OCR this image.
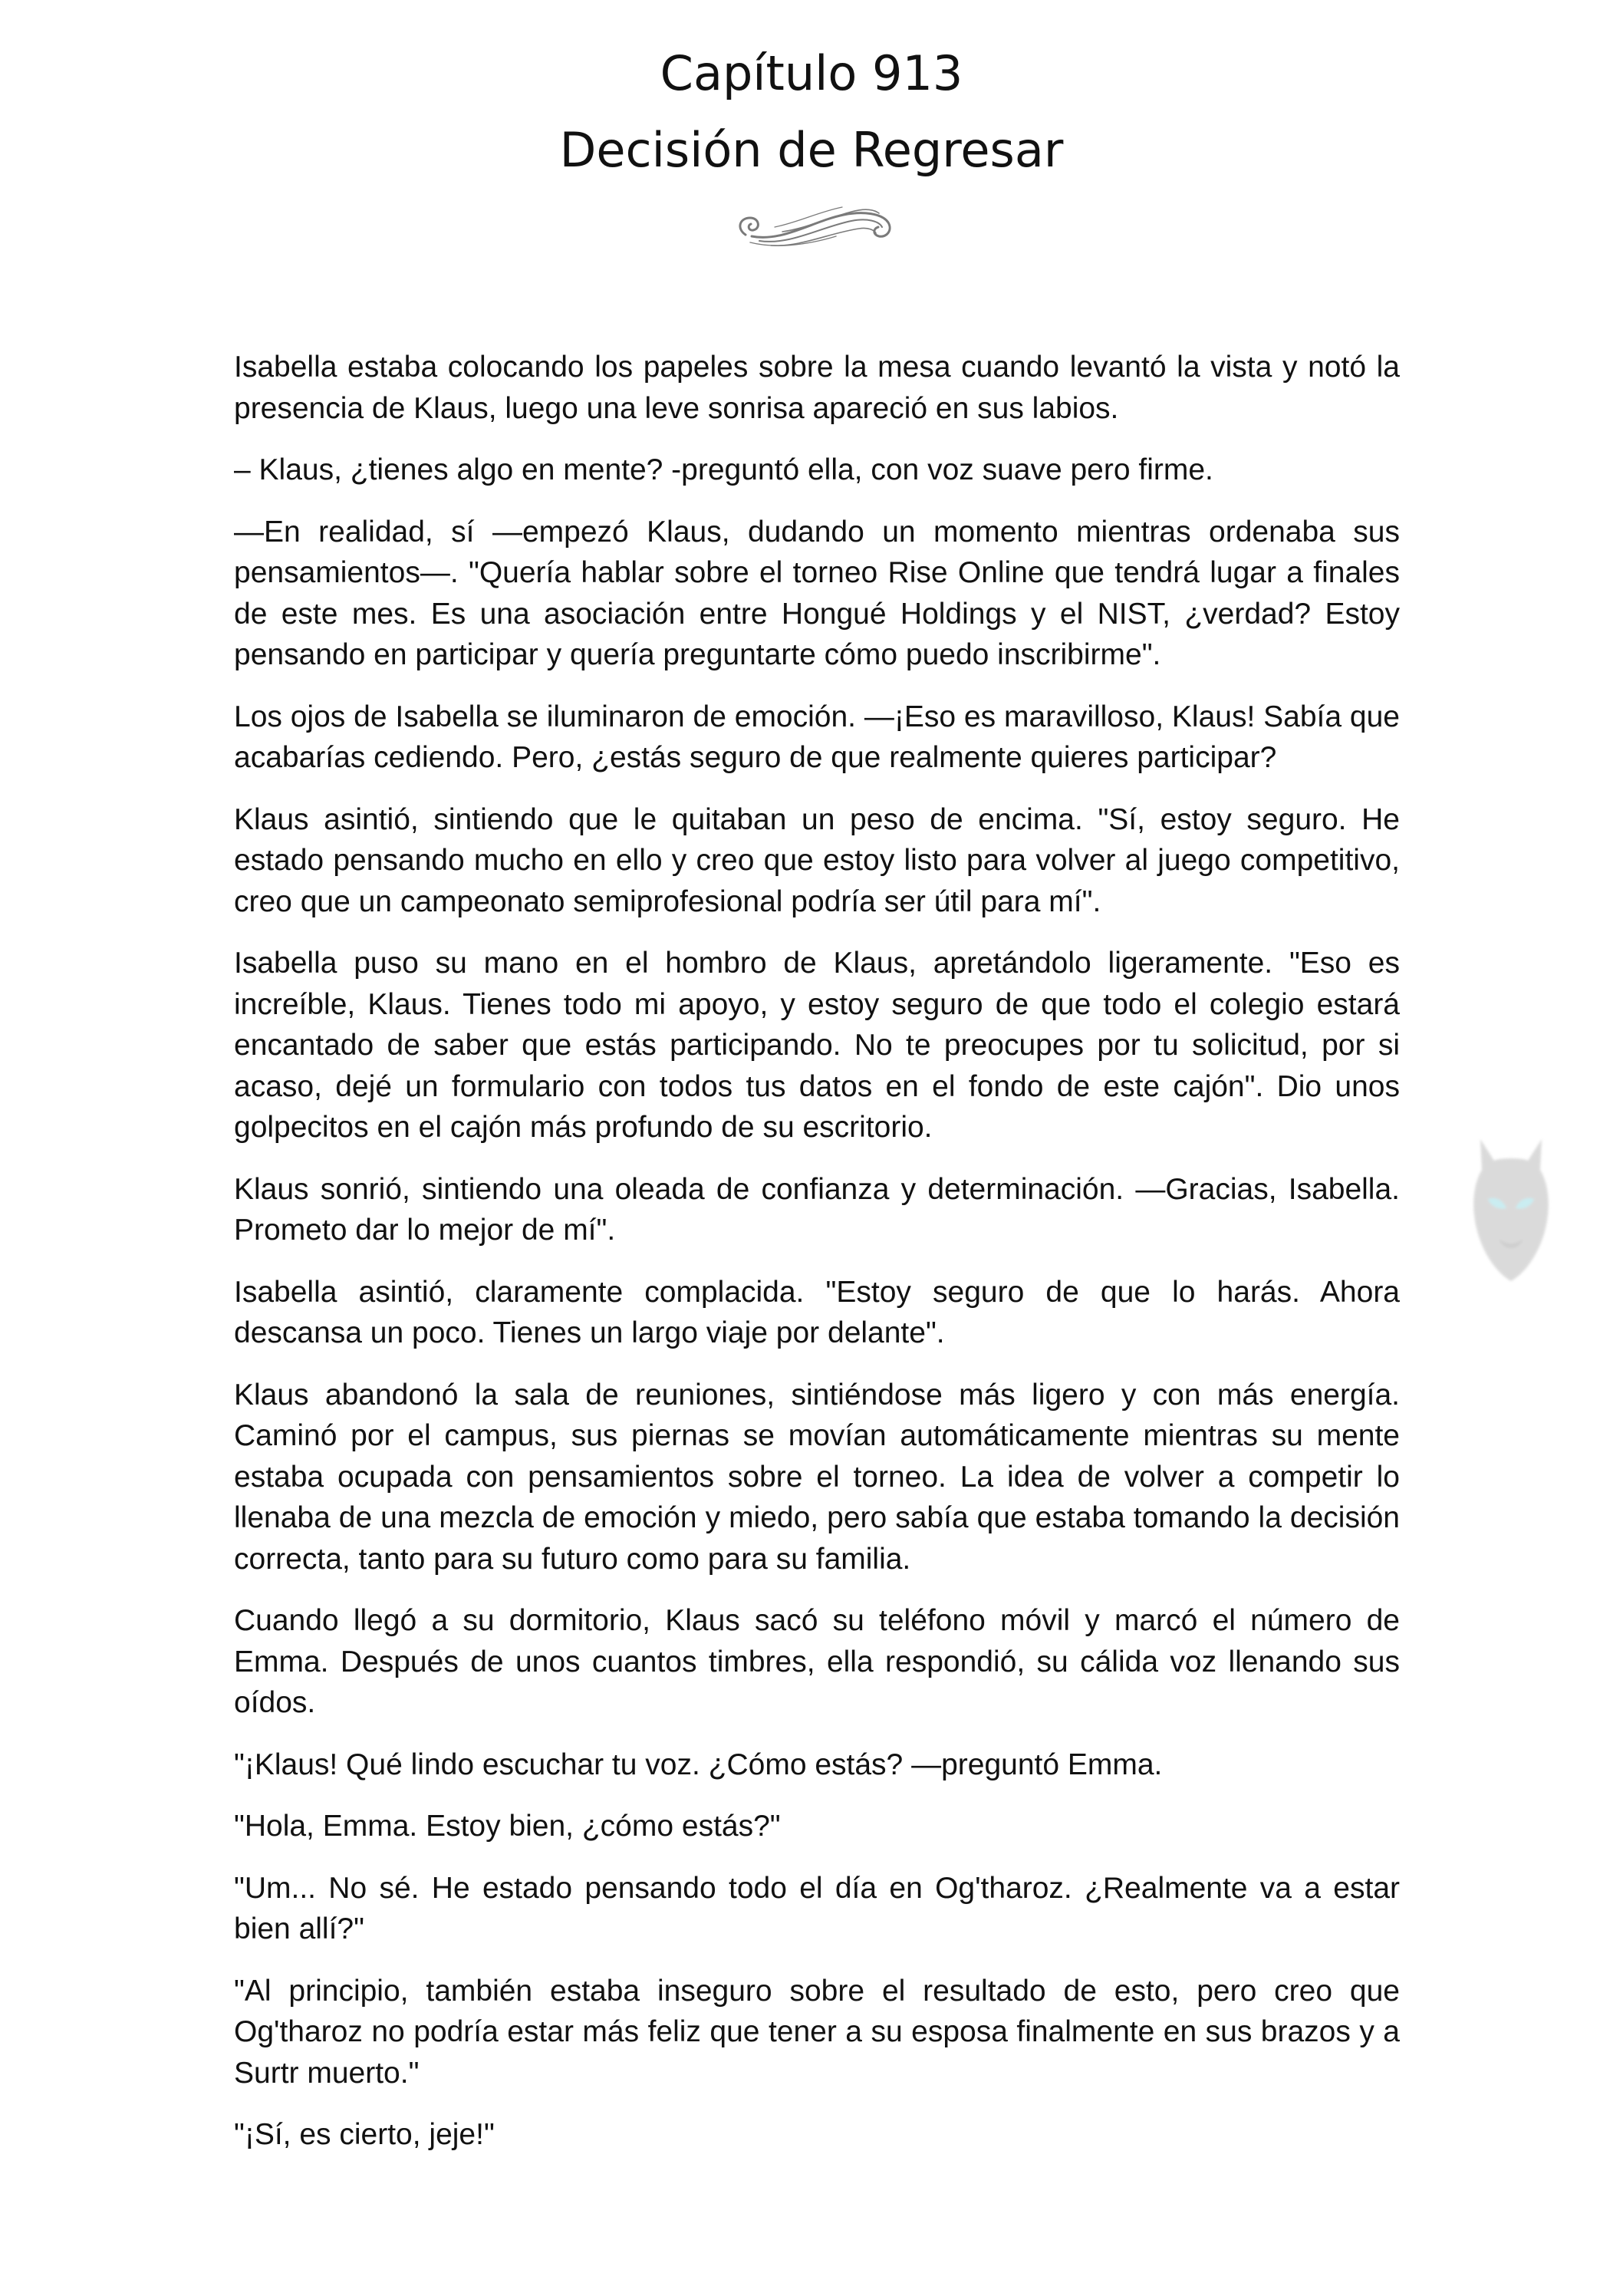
Capítulo 913
Decisión de Regresar

Isabella estaba colocando los papeles sobre la mesa cuando levantó la vista y notó la presencia de Klaus, luego una leve sonrisa apareció en sus labios.

– Klaus, ¿tienes algo en mente? -preguntó ella, con voz suave pero firme.

—En realidad, sí —empezó Klaus, dudando un momento mientras ordenaba sus pensamientos—. "Quería hablar sobre el torneo Rise Online que tendrá lugar a finales de este mes. Es una asociación entre Hongué Holdings y el NIST, ¿verdad? Estoy pensando en participar y quería preguntarte cómo puedo inscribirme".

Los ojos de Isabella se iluminaron de emoción. —¡Eso es maravilloso, Klaus! Sabía que acabarías cediendo. Pero, ¿estás seguro de que realmente quieres participar?

Klaus asintió, sintiendo que le quitaban un peso de encima. "Sí, estoy seguro. He estado pensando mucho en ello y creo que estoy listo para volver al juego competitivo, creo que un campeonato semiprofesional podría ser útil para mí".

Isabella puso su mano en el hombro de Klaus, apretándolo ligeramente. "Eso es increíble, Klaus. Tienes todo mi apoyo, y estoy seguro de que todo el colegio estará encantado de saber que estás participando. No te preocupes por tu solicitud, por si acaso, dejé un formulario con todos tus datos en el fondo de este cajón". Dio unos golpecitos en el cajón más profundo de su escritorio.

Klaus sonrió, sintiendo una oleada de confianza y determinación. —Gracias, Isabella. Prometo dar lo mejor de mí".

Isabella asintió, claramente complacida. "Estoy seguro de que lo harás. Ahora descansa un poco. Tienes un largo viaje por delante".

Klaus abandonó la sala de reuniones, sintiéndose más ligero y con más energía. Caminó por el campus, sus piernas se movían automáticamente mientras su mente estaba ocupada con pensamientos sobre el torneo. La idea de volver a competir lo llenaba de una mezcla de emoción y miedo, pero sabía que estaba tomando la decisión correcta, tanto para su futuro como para su familia.

Cuando llegó a su dormitorio, Klaus sacó su teléfono móvil y marcó el número de Emma. Después de unos cuantos timbres, ella respondió, su cálida voz llenando sus oídos.

"¡Klaus! Qué lindo escuchar tu voz. ¿Cómo estás? —preguntó Emma.

"Hola, Emma. Estoy bien, ¿cómo estás?"

"Um... No sé. He estado pensando todo el día en Og'tharoz. ¿Realmente va a estar bien allí?"

"Al principio, también estaba inseguro sobre el resultado de esto, pero creo que Og'tharoz no podría estar más feliz que tener a su esposa finalmente en sus brazos y a Surtr muerto."

"¡Sí, es cierto, jeje!"
